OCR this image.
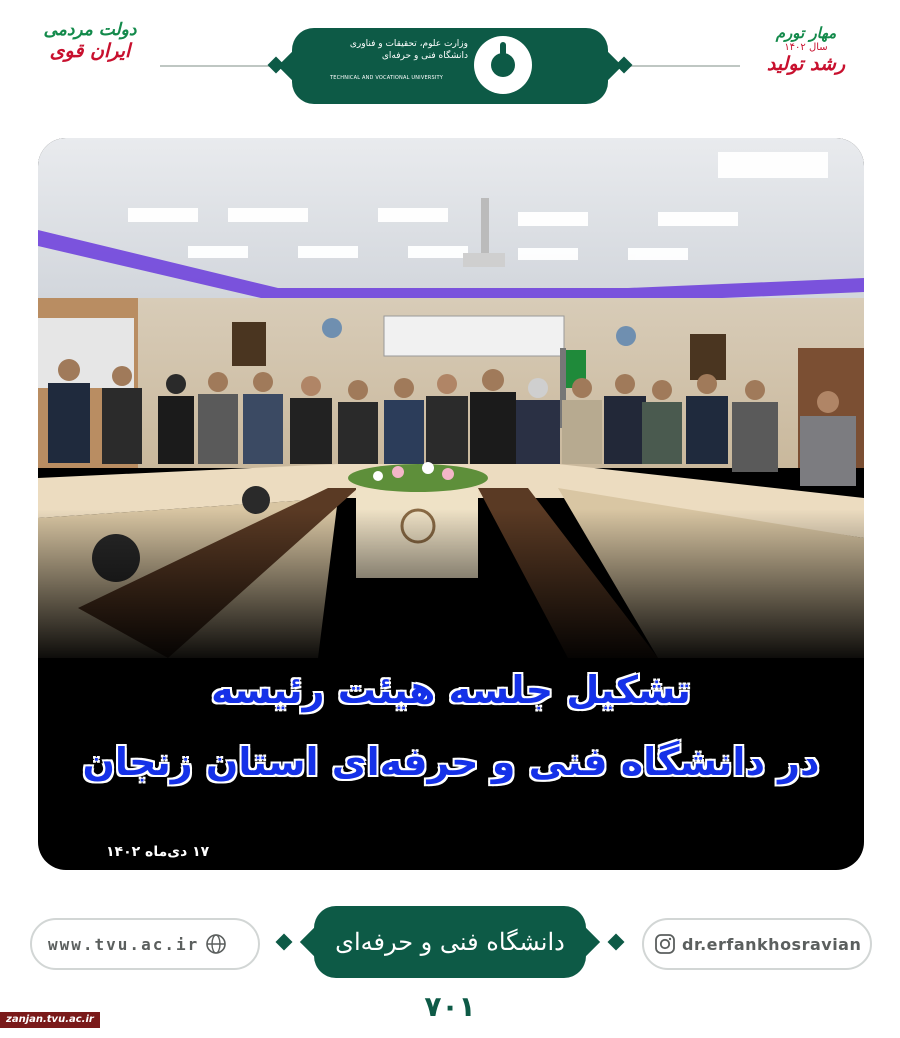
دولت مردمی
ایران قوی	وزارت علوم، تحقیقات و فناوری
دانشگاه فنی و حرفه‌ای
TECHNICAL AND VOCATIONAL UNIVERSITY
مهار تورم
سال ۱۴۰۲
رشد تولید
تشکیل جلسه هیئت رئیسه
در دانشگاه فنی و حرفه‌ای استان زنجان
۱۷ دی‌ماه ۱۴۰۲
www.tvu.ac.ir	دانشگاه فنی و حرفه‌ای	dr.erfankhosravian
۷۰۱
zanjan.tvu.ac.ir
